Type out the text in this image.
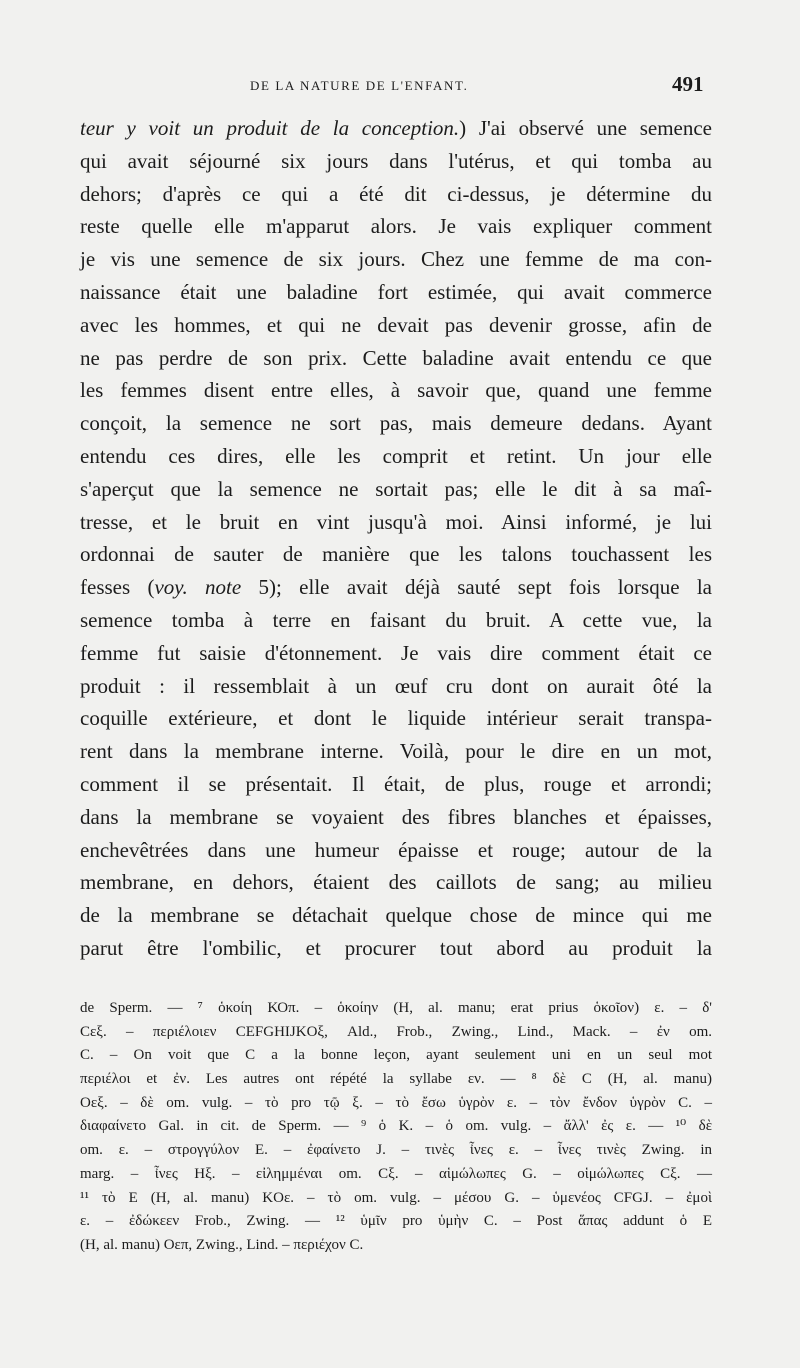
DE LA NATURE DE L'ENFANT.	491
teur y voit un produit de la conception.) J'ai observé une semence
qui avait séjourné six jours dans l'utérus, et qui tomba au
dehors; d'après ce qui a été dit ci-dessus, je détermine du
reste quelle elle m'apparut alors. Je vais expliquer comment
je vis une semence de six jours. Chez une femme de ma con-
naissance était une baladine fort estimée, qui avait commerce
avec les hommes, et qui ne devait pas devenir grosse, afin de
ne pas perdre de son prix. Cette baladine avait entendu ce que
les femmes disent entre elles, à savoir que, quand une femme
conçoit, la semence ne sort pas, mais demeure dedans. Ayant
entendu ces dires, elle les comprit et retint. Un jour elle
s'aperçut que la semence ne sortait pas; elle le dit à sa maî-
tresse, et le bruit en vint jusqu'à moi. Ainsi informé, je lui
ordonnai de sauter de manière que les talons touchassent les
fesses (voy. note 5); elle avait déjà sauté sept fois lorsque la
semence tomba à terre en faisant du bruit. A cette vue, la
femme fut saisie d'étonnement. Je vais dire comment était ce
produit : il ressemblait à un œuf cru dont on aurait ôté la
coquille extérieure, et dont le liquide intérieur serait transpa-
rent dans la membrane interne. Voilà, pour le dire en un mot,
comment il se présentait. Il était, de plus, rouge et arrondi;
dans la membrane se voyaient des fibres blanches et épaisses,
enchevêtrées dans une humeur épaisse et rouge; autour de la
membrane, en dehors, étaient des caillots de sang; au milieu
de la membrane se détachait quelque chose de mince qui me
parut être l'ombilic, et procurer tout abord au produit la
de Sperm. — ⁷ ὁκοίη ΚΟπ. – ὁκοίην (H, al. manu; erat prius ὁκοῖον) ε. – δ'
Cεξ. – περιέλοιεν CEFGHIJKOξ, Ald., Frob., Zwing., Lind., Mack. – ἐν om.
C. – On voit que C a la bonne leçon, ayant seulement uni en un seul mot
περιέλοι et ἐν. Les autres ont répété la syllabe εν. — ⁸ δὲ C (H, al. manu)
Oεξ. – δὲ om. vulg. – τὸ pro τῷ ξ. – τὸ ἔσω ὑγρὸν ε. – τὸν ἔνδον ὑγρὸν C. –
διαφαίνετο Gal. in cit. de Sperm. — ⁹ ὁ K. – ὁ om. vulg. – ἄλλ' ἐς ε. — ¹⁰ δὲ
om. ε. – στρογγύλον E. – ἐφαίνετο J. – τινὲς ἶνες ε. – ἶνες τινὲς Zwing. in
marg. – ἶνες Hξ. – εἰλημμέναι om. Cξ. – αἱμώλωπες G. – οἱμώλωπες Cξ. —
¹¹ τὸ E (H, al. manu) KOε. – τὸ om. vulg. – μέσου G. – ὑμενέος CFGJ. – ἐμοὶ
ε. – ἐδώκεεν Frob., Zwing. — ¹² ὑμῖν pro ὑμὴν C. – Post ἅπας addunt ὁ E
(H, al. manu) Oεπ, Zwing., Lind. – περιέχον C.
